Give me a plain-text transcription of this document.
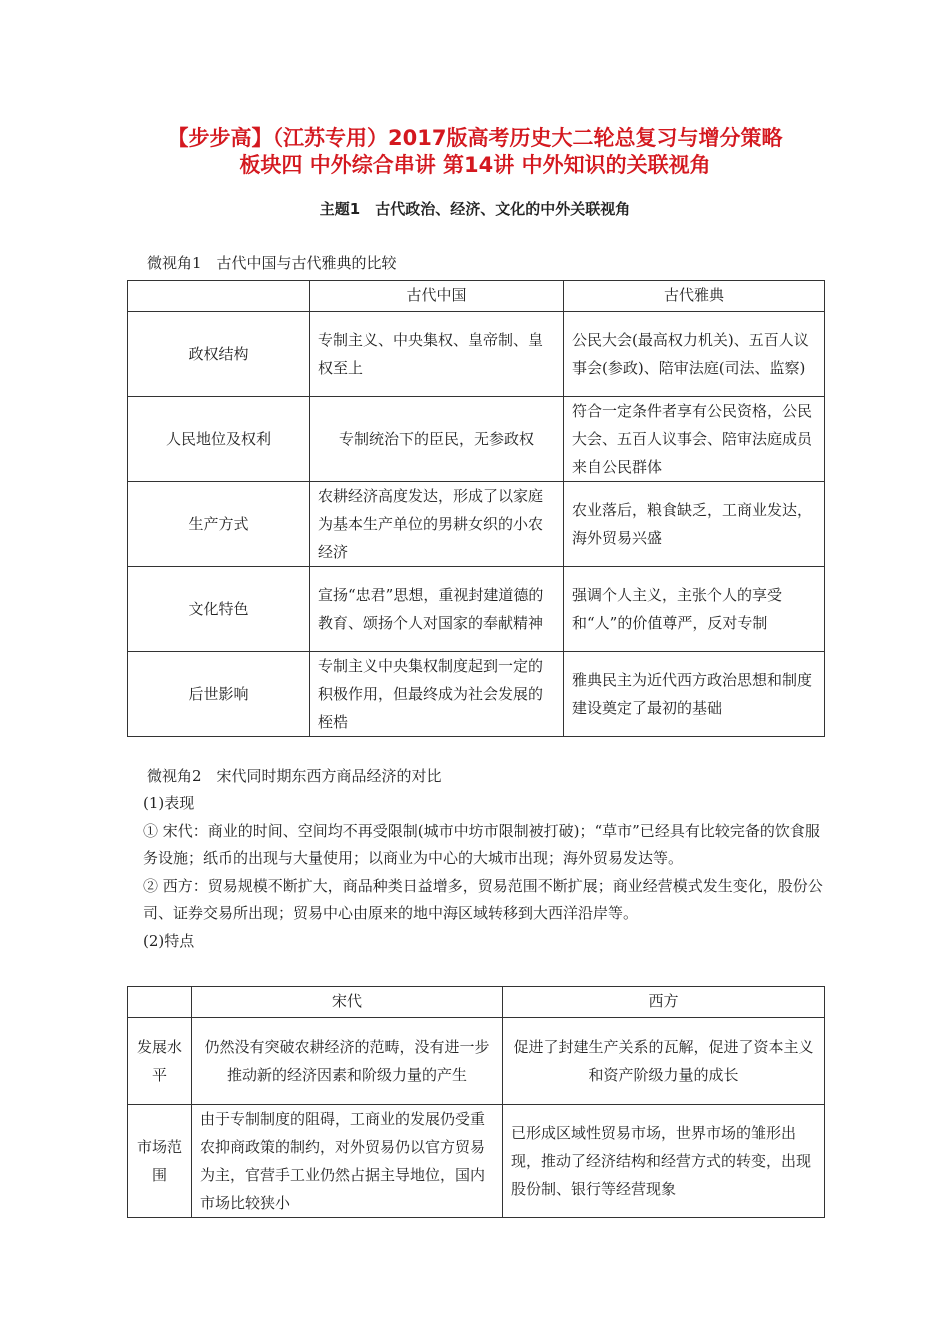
【步步高】（江苏专用）2017版高考历史大二轮总复习与增分策略
板块四 中外综合串讲 第14讲 中外知识的关联视角
主题1　古代政治、经济、文化的中外关联视角
微视角1　古代中国与古代雅典的比较
	古代中国	古代雅典
政权结构	专制主义、中央集权、皇帝制、皇权至上	公民大会(最高权力机关)、五百人议事会(参政)、陪审法庭(司法、监察)
人民地位及权利	专制统治下的臣民，无参政权	符合一定条件者享有公民资格，公民大会、五百人议事会、陪审法庭成员来自公民群体
生产方式	农耕经济高度发达，形成了以家庭为基本生产单位的男耕女织的小农经济	农业落后，粮食缺乏，工商业发达，海外贸易兴盛
文化特色	宣扬“忠君”思想，重视封建道德的教育、颂扬个人对国家的奉献精神	强调个人主义，主张个人的享受和“人”的价值尊严，反对专制
后世影响	专制主义中央集权制度起到一定的积极作用，但最终成为社会发展的桎梏	雅典民主为近代西方政治思想和制度建设奠定了最初的基础
微视角2　宋代同时期东西方商品经济的对比

(1)表现

① 宋代：商业的时间、空间均不再受限制(城市中坊市限制被打破)；“草市”已经具有比较完备的饮食服务设施；纸币的出现与大量使用；以商业为中心的大城市出现；海外贸易发达等。

② 西方：贸易规模不断扩大，商品种类日益增多，贸易范围不断扩展；商业经营模式发生变化，股份公司、证券交易所出现；贸易中心由原来的地中海区域转移到大西洋沿岸等。

(2)特点

	宋代	西方
发展水平	仍然没有突破农耕经济的范畴，没有进一步推动新的经济因素和阶级力量的产生	促进了封建生产关系的瓦解，促进了资本主义和资产阶级力量的成长
市场范围	由于专制制度的阻碍，工商业的发展仍受重农抑商政策的制约，对外贸易仍以官方贸易为主，官营手工业仍然占据主导地位，国内市场比较狭小	已形成区域性贸易市场，世界市场的雏形出现，推动了经济结构和经营方式的转变，出现股份制、银行等经营现象
